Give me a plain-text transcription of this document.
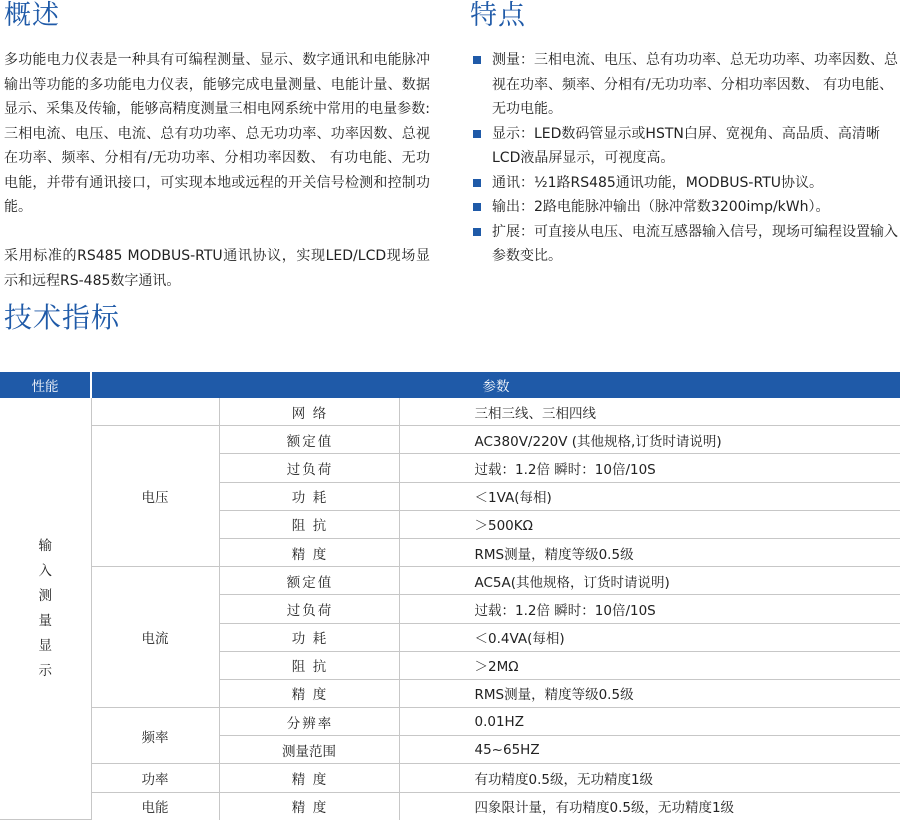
概述
多功能电力仪表是一种具有可编程测量、显示、数字通讯和电能脉冲输出等功能的多功能电力仪表，能够完成电量测量、电能计量、数据显示、采集及传输，能够高精度测量三相电网系统中常用的电量参数:三相电流、电压、电流、总有功功率、总无功功率、功率因数、总视在功率、频率、分相有/无功功率、分相功率因数、 有功电能、无功电能，并带有通讯接口，可实现本地或远程的开关信号检测和控制功能。
采用标准的RS485 MODBUS-RTU通讯协议，实现LED/LCD现场显示和远程RS-485数字通讯。
特点
测量：三相电流、电压、总有功功率、总无功功率、功率因数、总视在功率、频率、分相有/无功功率、分相功率因数、 有功电能、无功电能。
显示：LED数码管显示或HSTN白屏、宽视角、高品质、高清晰LCD液晶屏显示，可视度高。
通讯：½1路RS485通讯功能，MODBUS-RTU协议。
输出：2路电能脉冲输出（脉冲常数3200imp/kWh）。
扩展：可直接从电压、电流互感器输入信号，现场可编程设置输入参数变比。
技术指标
性能	参数		
输入测量显示		网络	三相三线、三相四线
	电压	额定值	AC380V/220V (其他规格,订货时请说明)
		过负荷	过载：1.2倍 瞬时：10倍/10S
		功耗	＜1VA(每相)
		阻抗	＞500KΩ
		精度	RMS测量，精度等级0.5级
	电流	额定值	AC5A(其他规格，订货时请说明)
		过负荷	过载：1.2倍 瞬时：10倍/10S
		功耗	＜0.4VA(每相)
		阻抗	＞2MΩ
		精度	RMS测量，精度等级0.5级
	频率	分辨率	0.01HZ
		测量范围	45~65HZ
	功率	精度	有功精度0.5级，无功精度1级
	电能	精度	四象限计量，有功精度0.5级，无功精度1级
